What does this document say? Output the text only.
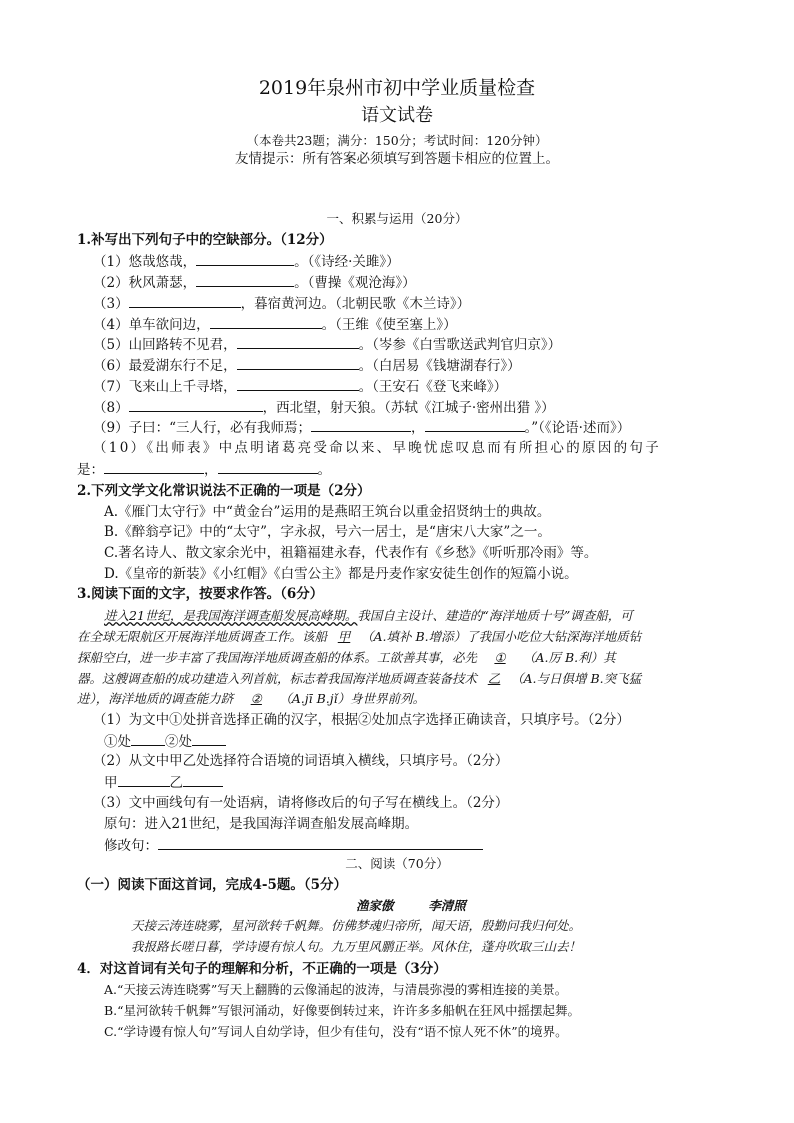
2019年泉州市初中学业质量检查
语文试卷
（本卷共23题；满分：150分；考试时间：120分钟）
友情提示：所有答案必须填写到答题卡相应的位置上。
一、积累与运用（20分）
1.补写出下列句子中的空缺部分。（12分）
（1）悠哉悠哉，	。（《诗经·关雎》）
（2）秋风萧瑟，	。（曹操《观沧海》）
（3）	，暮宿黄河边。（北朝民歌《木兰诗》）
（4）单车欲问边，	。（王维《使至塞上》）
（5）山回路转不见君，	。（岑参《白雪歌送武判官归京》）
（6）最爱湖东行不足，	。（白居易《钱塘湖春行》）
（7）飞来山上千寻塔，	。（王安石《登飞来峰》）
（8）	，西北望，射天狼。（苏轼《江城子·密州出猎 》）
（9）子曰：“三人行，必有我师焉；	，	。”（《论语·述而》）
（10）《出师表》中点明诸葛亮受命以来、早晚忧虑叹息而有所担心的原因的句子
是：	，	。
2.下列文学文化常识说法不正确的一项是（2分）
A.《雁门太守行》中“黄金台”运用的是燕昭王筑台以重金招贤纳士的典故。
B.《醉翁亭记》中的“太守”，字永叔，号六一居士，是“唐宋八大家”之一。
C.著名诗人、散文家余光中，祖籍福建永春，代表作有《乡愁》《听听那冷雨》等。
D.《皇帝的新装》《小红帽》《白雪公主》都是丹麦作家安徒生创作的短篇小说。
3.阅读下面的文字，按要求作答。（6分）
进入21世纪，是我国海洋调查船发展高峰期。我国自主设计、建造的“海洋地质十号”调查船，可
在全球无限航区开展海洋地质调查工作。该船 甲 （A.填补 B.增添）了我国小吃位大钻深海洋地质钻
探船空白，进一步丰富了我国海洋地质调查船的体系。工欲善其事，必先 ① （A.厉 B.利）其
器。这艘调查船的成功建造入列首航，标志着我国海洋地质调查装备技术 乙 （A.与日俱增 B.突飞猛
进），海洋地质的调查能力跻 ② （A.jī B.jǐ）身世界前列。
（1）为文中①处拼音选择正确的汉字，根据②处加点字选择正确读音，只填序号。（2分）
①处	②处
（2）从文中甲乙处选择符合语境的词语填入横线，只填序号。（2分）
甲	乙
（3）文中画线句有一处语病，请将修改后的句子写在横线上。（2分）
原句：进入21世纪，是我国海洋调查船发展高峰期。
修改句：
二、阅读（70分）
（一）阅读下面这首词，完成4-5题。（5分）
渔家傲	李清照
天接云涛连晓雾，星河欲转千帆舞。仿佛梦魂归帝所，闻天语，殷勤问我归何处。
我报路长嗟日暮，学诗谩有惊人句。九万里风鹏正举。风休住，蓬舟吹取三山去！
4．对这首词有关句子的理解和分析，不正确的一项是（3分）
A.“天接云涛连晓雾”写天上翻腾的云像涌起的波涛，与清晨弥漫的雾相连接的美景。
B.“星河欲转千帆舞”写银河涌动，好像要倒转过来，许许多多船帆在狂风中摇摆起舞。
C.“学诗谩有惊人句”写词人自幼学诗，但少有佳句，没有“语不惊人死不休”的境界。
